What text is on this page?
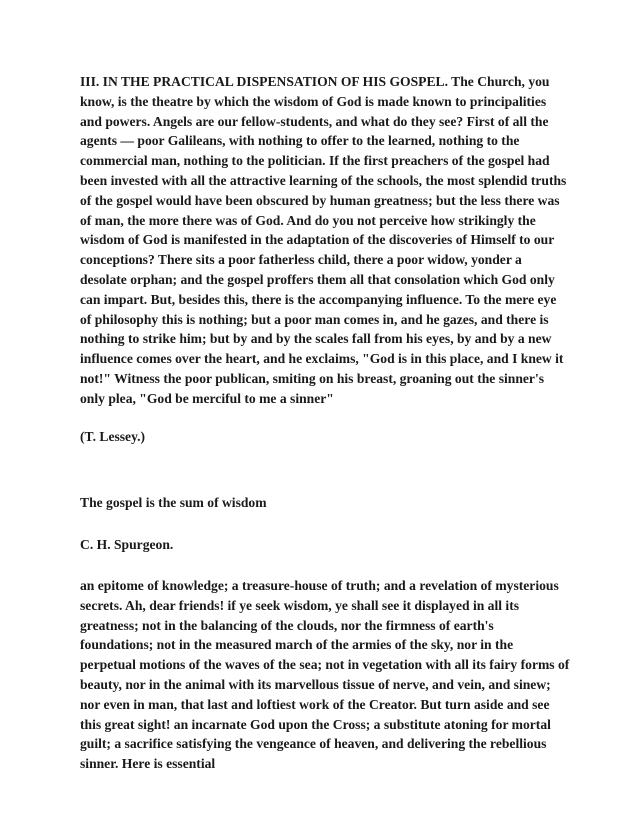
III. IN THE PRACTICAL DISPENSATION OF HIS GOSPEL. The Church, you know, is the theatre by which the wisdom of God is made known to principalities and powers. Angels are our fellow-students, and what do they see? First of all the agents — poor Galileans, with nothing to offer to the learned, nothing to the commercial man, nothing to the politician. If the first preachers of the gospel had been invested with all the attractive learning of the schools, the most splendid truths of the gospel would have been obscured by human greatness; but the less there was of man, the more there was of God. And do you not perceive how strikingly the wisdom of God is manifested in the adaptation of the discoveries of Himself to our conceptions? There sits a poor fatherless child, there a poor widow, yonder a desolate orphan; and the gospel proffers them all that consolation which God only can impart. But, besides this, there is the accompanying influence. To the mere eye of philosophy this is nothing; but a poor man comes in, and he gazes, and there is nothing to strike him; but by and by the scales fall from his eyes, by and by a new influence comes over the heart, and he exclaims, "God is in this place, and I knew it not!" Witness the poor publican, smiting on his breast, groaning out the sinner's only plea, "God be merciful to me a sinner"

(T. Lessey.)

The gospel is the sum of wisdom

C. H. Spurgeon.

an epitome of knowledge; a treasure-house of truth; and a revelation of mysterious secrets. Ah, dear friends! if ye seek wisdom, ye shall see it displayed in all its greatness; not in the balancing of the clouds, nor the firmness of earth's foundations; not in the measured march of the armies of the sky, nor in the perpetual motions of the waves of the sea; not in vegetation with all its fairy forms of beauty, nor in the animal with its marvellous tissue of nerve, and vein, and sinew; nor even in man, that last and loftiest work of the Creator. But turn aside and see this great sight! an incarnate God upon the Cross; a substitute atoning for mortal guilt; a sacrifice satisfying the vengeance of heaven, and delivering the rebellious sinner. Here is essential
